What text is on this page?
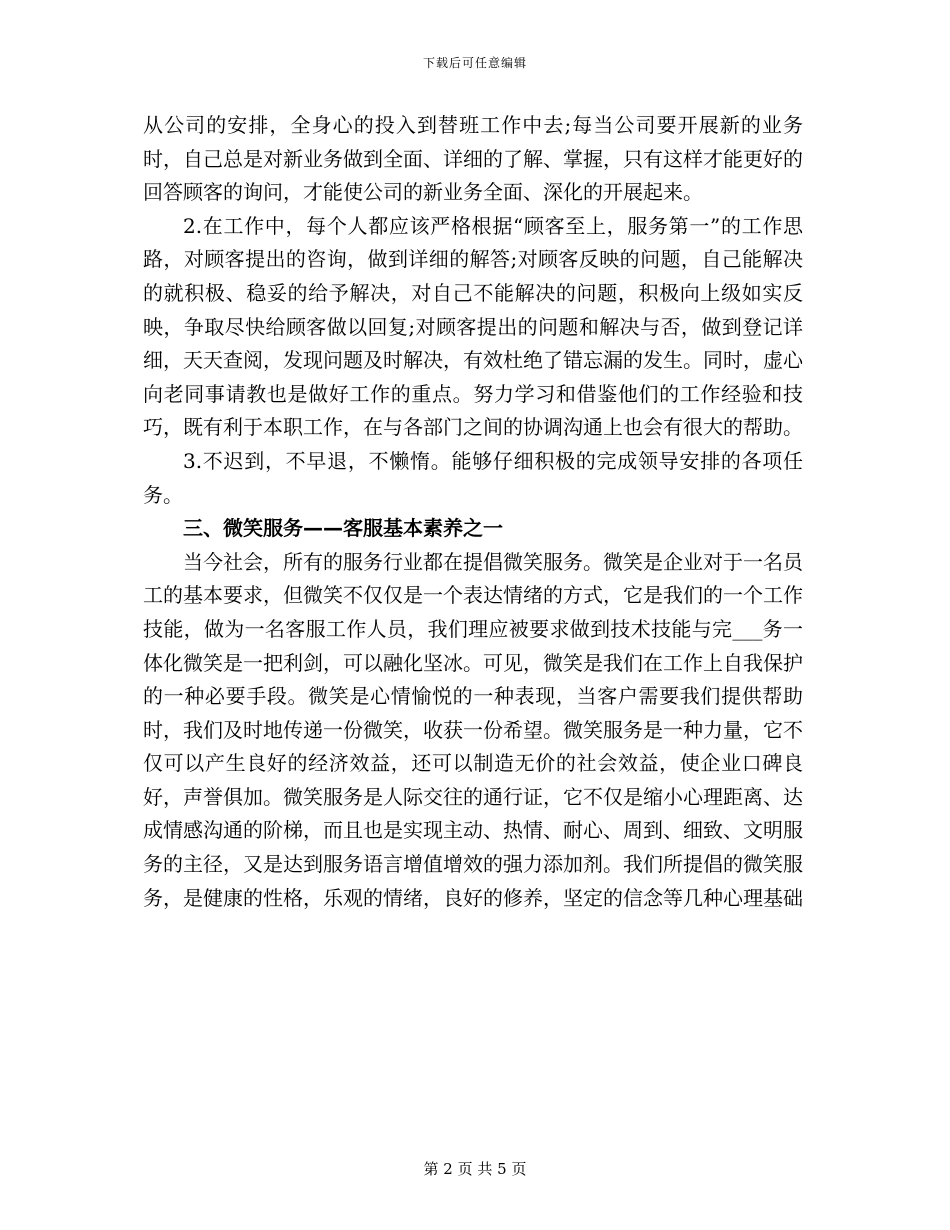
下载后可任意编辑

从公司的安排，全身心的投入到替班工作中去;每当公司要开展新的业务时，自己总是对新业务做到全面、详细的了解、掌握，只有这样才能更好的回答顾客的询问，才能使公司的新业务全面、深化的开展起来。

2.在工作中，每个人都应该严格根据“顾客至上，服务第一”的工作思路，对顾客提出的咨询，做到详细的解答;对顾客反映的问题，自己能解决的就积极、稳妥的给予解决，对自己不能解决的问题，积极向上级如实反映，争取尽快给顾客做以回复;对顾客提出的问题和解决与否，做到登记详细，天天查阅，发现问题及时解决，有效杜绝了错忘漏的发生。同时，虚心向老同事请教也是做好工作的重点。努力学习和借鉴他们的工作经验和技巧，既有利于本职工作，在与各部门之间的协调沟通上也会有很大的帮助。

3.不迟到，不早退，不懒惰。能够仔细积极的完成领导安排的各项任务。

三、微笑服务——客服基本素养之一

当今社会，所有的服务行业都在提倡微笑服务。微笑是企业对于一名员工的基本要求，但微笑不仅仅是一个表达情绪的方式，它是我们的一个工作技能，做为一名客服工作人员，我们理应被要求做到技术技能与完___务一体化微笑是一把利剑，可以融化坚冰。可见，微笑是我们在工作上自我保护的一种必要手段。微笑是心情愉悦的一种表现，当客户需要我们提供帮助时，我们及时地传递一份微笑，收获一份希望。微笑服务是一种力量，它不仅可以产生良好的经济效益，还可以制造无价的社会效益，使企业口碑良好，声誉俱加。微笑服务是人际交往的通行证，它不仅是缩小心理距离、达成情感沟通的阶梯，而且也是实现主动、热情、耐心、周到、细致、文明服务的主径，又是达到服务语言增值增效的强力添加剂。我们所提倡的微笑服务，是健康的性格，乐观的情绪，良好的修养，坚定的信念等几种心理基础

第 2 页 共 5 页
